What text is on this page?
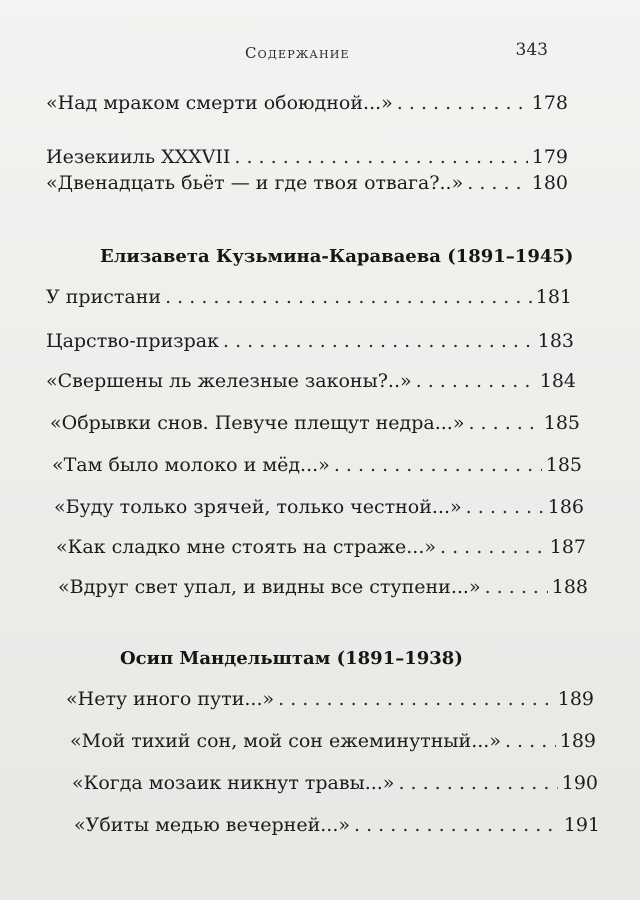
Содержание	343
«Над мраком смерти обоюдной...» . . .	178
Иезекииль XXXVII . . .	179
«Двенадцать бьёт — и где твоя отвага?..» . . .	180
Елизавета Кузьмина-Караваева (1891–1945)
У пристани . . .	181
Царство-призрак . . .	183
«Свершены ль железные законы?..» . . .	184
«Обрывки снов. Певуче плещут недра...» . . .	185
«Там было молоко и мёд...» . . .	185
«Буду только зрячей, только честной...» . . .	186
«Как сладко мне стоять на страже...» . . .	187
«Вдруг свет упал, и видны все ступени...» . . .	188
Осип Мандельштам (1891–1938)
«Нету иного пути...» . . .	189
«Мой тихий сон, мой сон ежеминутный...» . . .	189
«Когда мозаик никнут травы...» . . .	190
«Убиты медью вечерней...» . . .	191
